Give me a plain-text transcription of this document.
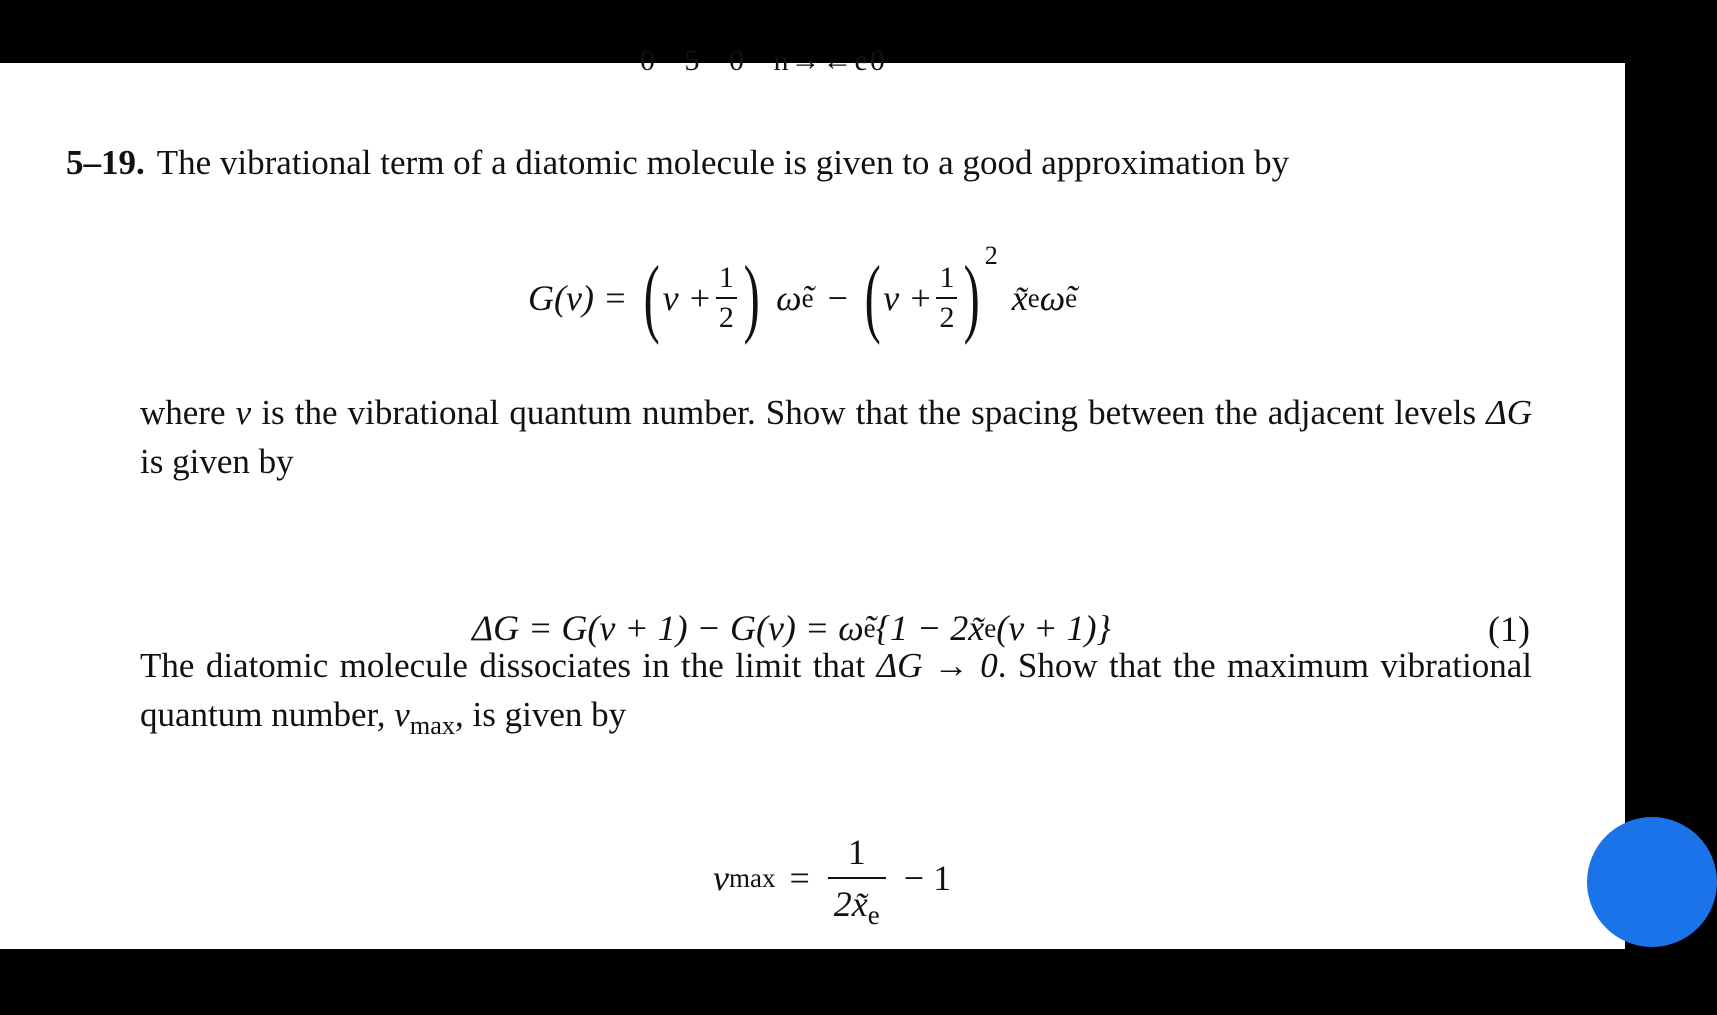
0 5 0 n→←e0
5–19. The vibrational term of a diatomic molecule is given to a good approximation by
G(v) = ( $v + \frac{1}{2}$ ) ω̃ e − ( $v + \frac{1}{2}$ ) 2
x̃ e ω̃ e
where v is the vibrational quantum number. Show that the spacing between the adjacent levels ΔG is given by
ΔG = G(v + 1) − G(v) = ω̃ e {1 − 2x̃ e (v + 1)}	(1)
The diatomic molecule dissociates in the limit that ΔG → 0. Show that the maximum vibrational quantum number, $v_{max}$, is given by
v $\max = \frac{1}{2x̃_e} - 1$
